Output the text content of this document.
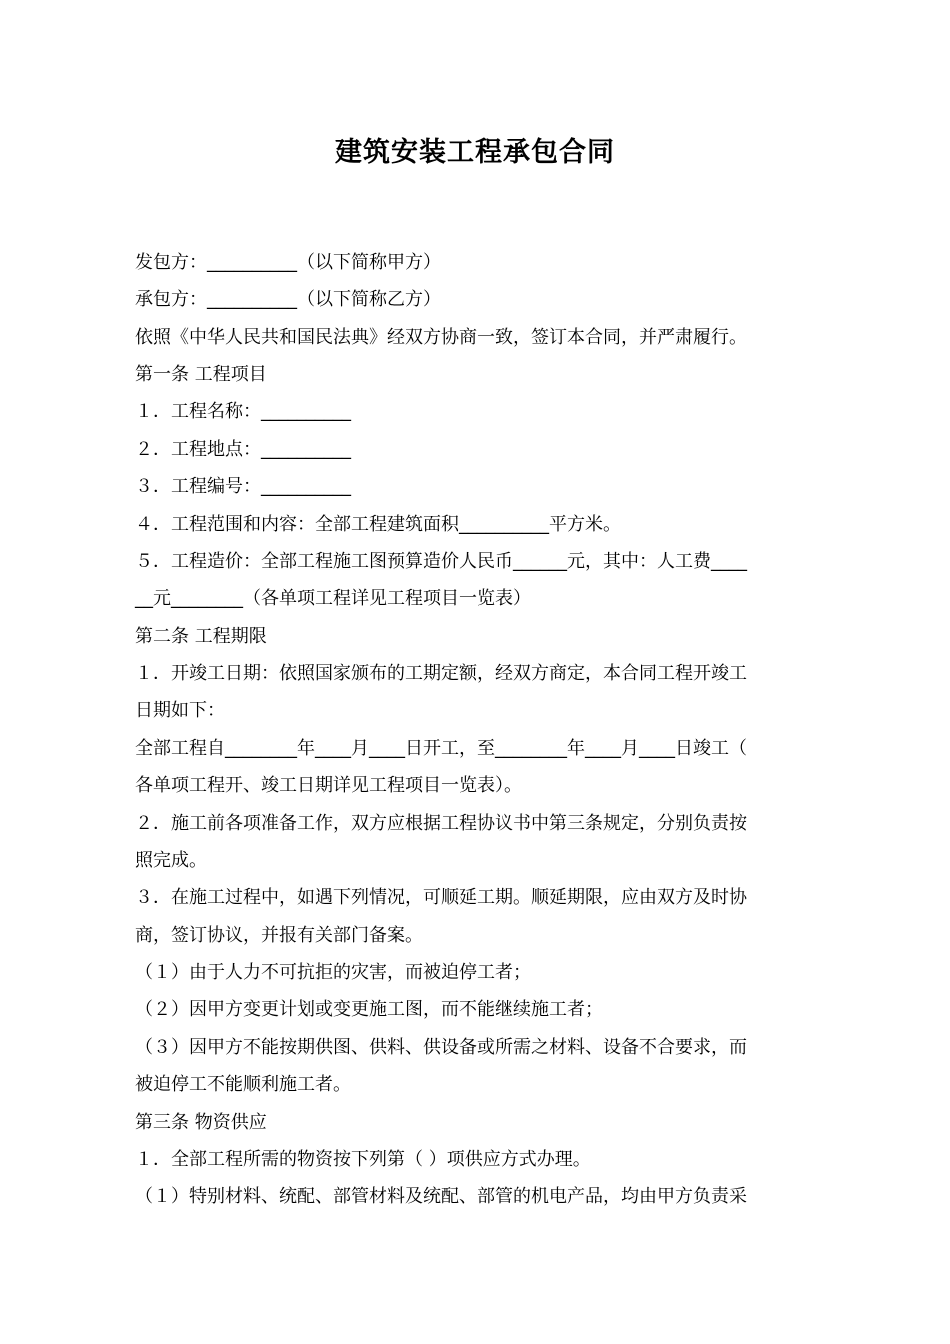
建筑安装工程承包合同
发包方：__________（以下简称甲方）
承包方：__________（以下简称乙方）
依照《中华人民共和国民法典》经双方协商一致，签订本合同，并严肃履行。
第一条 工程项目
１．工程名称：__________
２．工程地点：__________
３．工程编号：__________
４．工程范围和内容：全部工程建筑面积__________平方米。
５．工程造价：全部工程施工图预算造价人民币______元，其中：人工费____
__元________（各单项工程详见工程项目一览表）
第二条 工程期限
１．开竣工日期：依照国家颁布的工期定额，经双方商定，本合同工程开竣工
日期如下：
全部工程自________年____月____日开工，至________年____月____日竣工（
各单项工程开、竣工日期详见工程项目一览表）。
２．施工前各项准备工作，双方应根据工程协议书中第三条规定，分别负责按
照完成。
３．在施工过程中，如遇下列情况，可顺延工期。顺延期限，应由双方及时协
商，签订协议，并报有关部门备案。
（１）由于人力不可抗拒的灾害，而被迫停工者；
（２）因甲方变更计划或变更施工图，而不能继续施工者；
（３）因甲方不能按期供图、供料、供设备或所需之材料、设备不合要求，而
被迫停工不能顺利施工者。
第三条 物资供应
１．全部工程所需的物资按下列第（ ）项供应方式办理。
（１）特别材料、统配、部管材料及统配、部管的机电产品，均由甲方负责采
